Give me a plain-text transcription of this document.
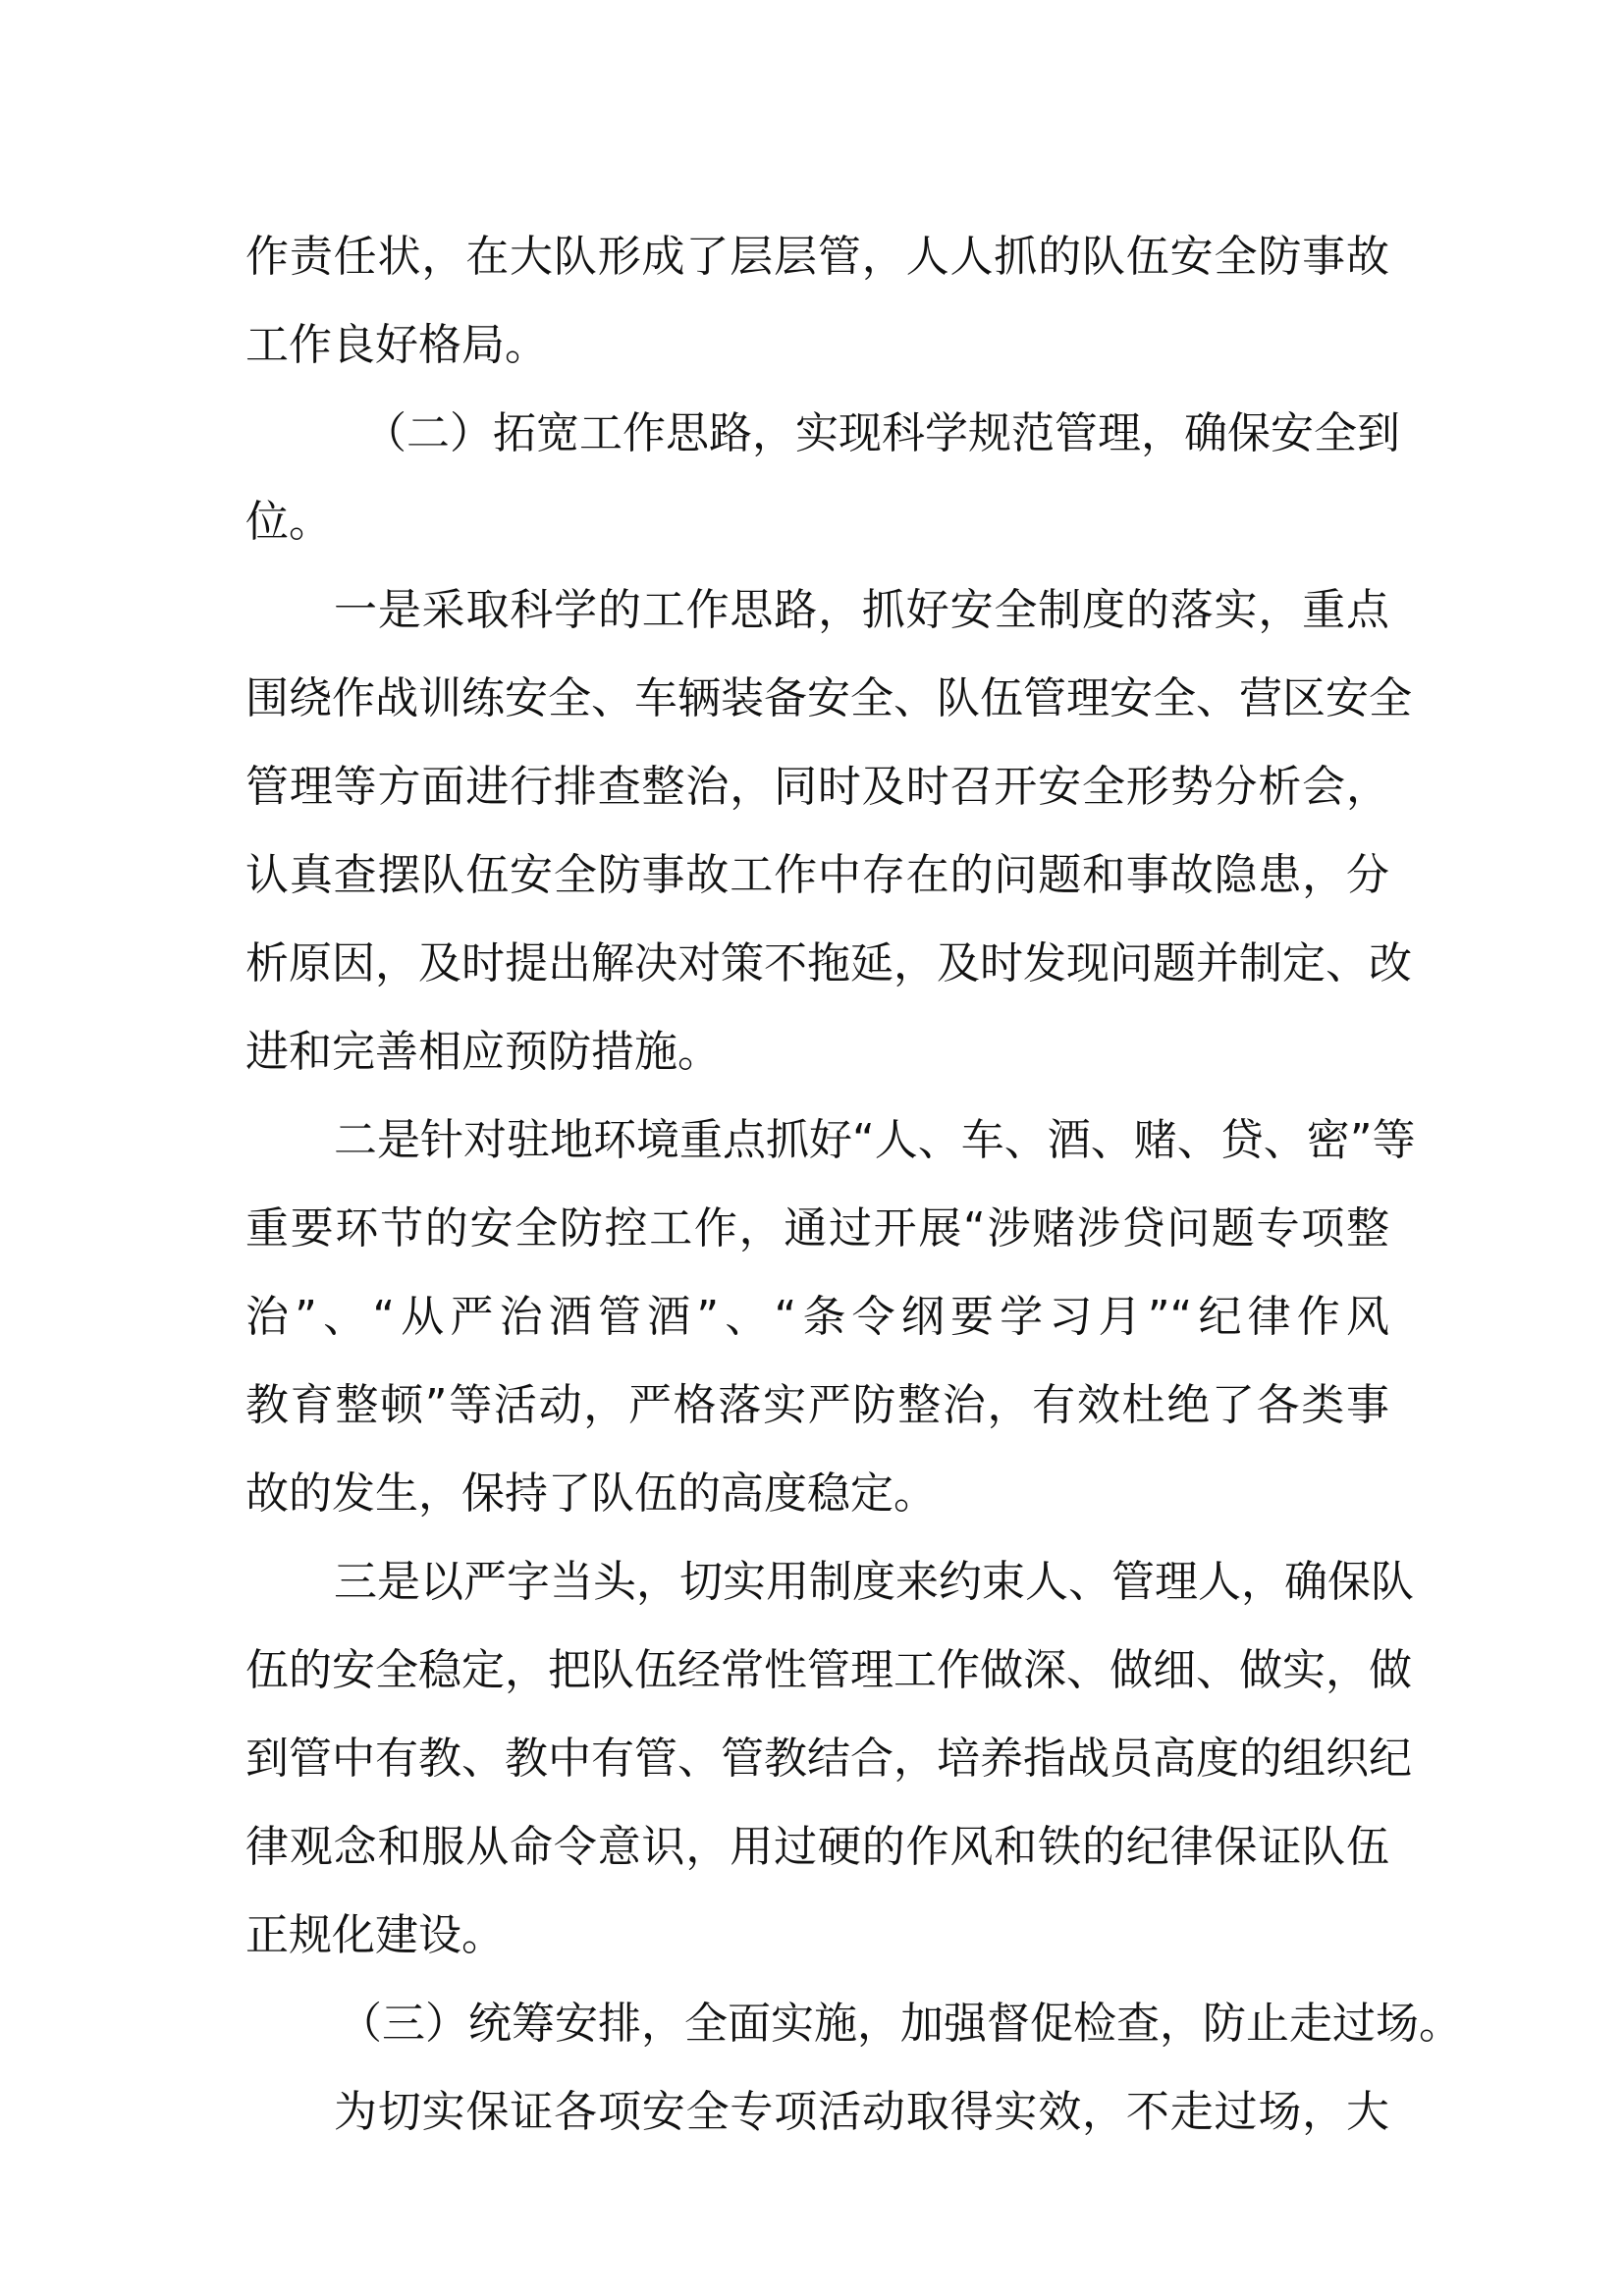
作责任状，在大队形成了层层管，人人抓的队伍安全防事故
工作良好格局。
（二）拓宽工作思路，实现科学规范管理，确保安全到
位。
一是采取科学的工作思路，抓好安全制度的落实，重点
围绕作战训练安全、车辆装备安全、队伍管理安全、营区安全
管理等方面进行排查整治，同时及时召开安全形势分析会，
认真查摆队伍安全防事故工作中存在的问题和事故隐患，分
析原因，及时提出解决对策不拖延，及时发现问题并制定、改
进和完善相应预防措施。
二是针对驻地环境重点抓好“人、车、酒、赌、贷、密”等
重要环节的安全防控工作，通过开展“涉赌涉贷问题专项整
治”、“从严治酒管酒”、“条令纲要学习月”“纪律作风
教育整顿”等活动，严格落实严防整治，有效杜绝了各类事
故的发生，保持了队伍的高度稳定。
三是以严字当头，切实用制度来约束人、管理人，确保队
伍的安全稳定，把队伍经常性管理工作做深、做细、做实，做
到管中有教、教中有管、管教结合，培养指战员高度的组织纪
律观念和服从命令意识，用过硬的作风和铁的纪律保证队伍
正规化建设。
（三）统筹安排，全面实施，加强督促检查，防止走过场。
为切实保证各项安全专项活动取得实效，不走过场，大
